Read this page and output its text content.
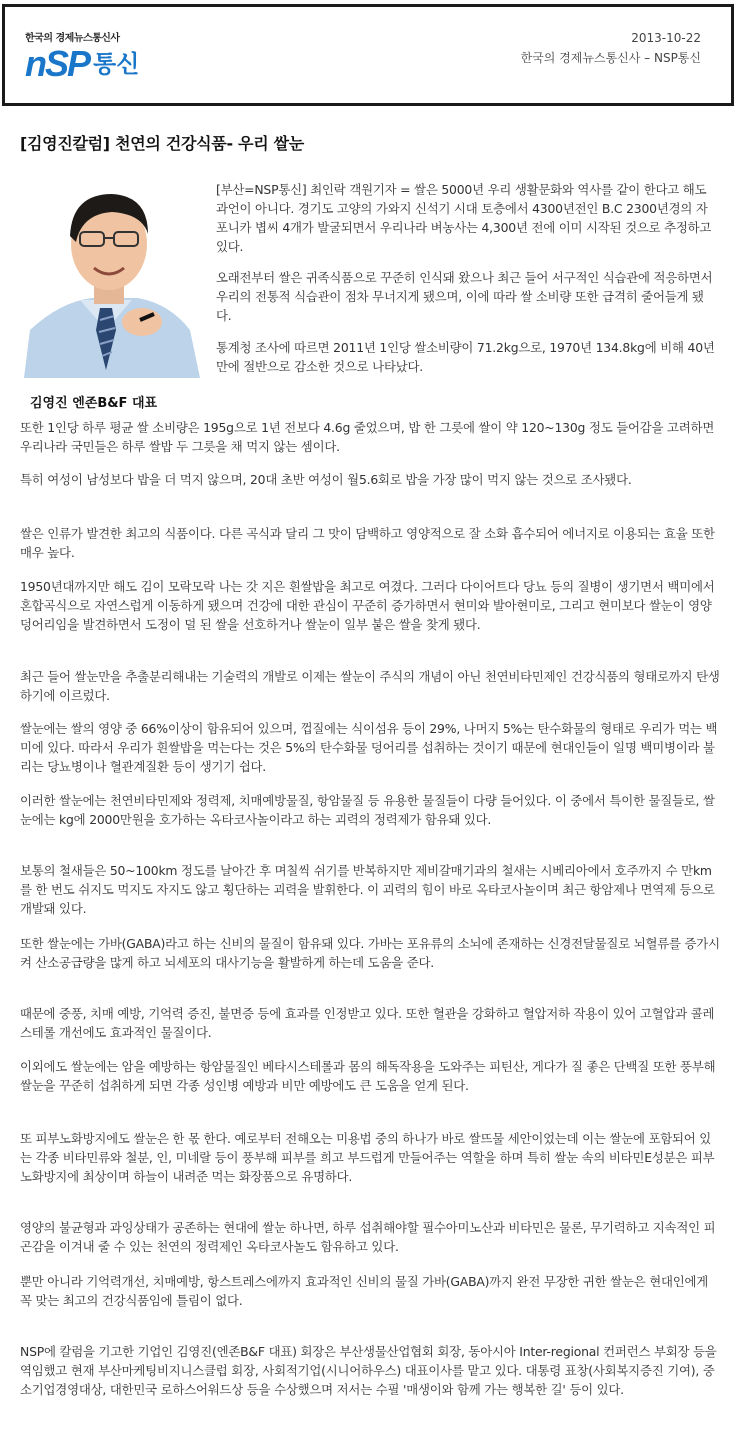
한국의 경제뉴스통신사
nSP 통신
2013-10-22
한국의 경제뉴스통신사 – NSP통신
[김영진칼럼] 천연의 건강식품- 우리 쌀눈
김영진 엔존B&F 대표

[부산=NSP통신] 최인락 객원기자 = 쌀은 5000년 우리 생활문화와 역사를 같이 한다고 해도 과언이 아니다. 경기도 고양의 가와지 신석기 시대 토층에서 4300년전인 B.C 2300년경의 자포니카 볍씨 4개가 발굴되면서 우리나라 벼농사는 4,300년 전에 이미 시작된 것으로 추정하고 있다.

오래전부터 쌀은 귀족식품으로 꾸준히 인식돼 왔으나 최근 들어 서구적인 식습관에 적응하면서 우리의 전통적 식습관이 점차 무너지게 됐으며, 이에 따라 쌀 소비량 또한 급격히 줄어들게 됐다.

통계청 조사에 따르면 2011년 1인당 쌀소비량이 71.2kg으로, 1970년 134.8kg에 비해 40년 만에 절반으로 감소한 것으로 나타났다.

또한 1인당 하루 평균 쌀 소비량은 195g으로 1년 전보다 4.6g 줄었으며, 밥 한 그릇에 쌀이 약 120~130g 정도 들어감을 고려하면 우리나라 국민들은 하루 쌀밥 두 그릇을 채 먹지 않는 셈이다.

특히 여성이 남성보다 밥을 더 먹지 않으며, 20대 초반 여성이 월5.6회로 밥을 가장 많이 먹지 않는 것으로 조사됐다.

쌀은 인류가 발견한 최고의 식품이다. 다른 곡식과 달리 그 맛이 담백하고 영양적으로 잘 소화 흡수되어 에너지로 이용되는 효율 또한 매우 높다.

1950년대까지만 해도 김이 모락모락 나는 갓 지은 흰쌀밥을 최고로 여겼다. 그러다 다이어트다 당뇨 등의 질병이 생기면서 백미에서 혼합곡식으로 자연스럽게 이동하게 됐으며 건강에 대한 관심이 꾸준히 증가하면서 현미와 발아현미로, 그리고 현미보다 쌀눈이 영양덩어리임을 발견하면서 도정이 덜 된 쌀을 선호하거나 쌀눈이 일부 붙은 쌀을 찾게 됐다.

최근 들어 쌀눈만을 추출분리해내는 기술력의 개발로 이제는 쌀눈이 주식의 개념이 아닌 천연비타민제인 건강식품의 형태로까지 탄생하기에 이르렀다.

쌀눈에는 쌀의 영양 중 66%이상이 함유되어 있으며, 껍질에는 식이섬유 등이 29%, 나머지 5%는 탄수화물의 형태로 우리가 먹는 백미에 있다. 따라서 우리가 흰쌀밥을 먹는다는 것은 5%의 탄수화물 덩어리를 섭취하는 것이기 때문에 현대인들이 일명 백미병이라 불리는 당뇨병이나 혈관계질환 등이 생기기 쉽다.

이러한 쌀눈에는 천연비타민제와 정력제, 치매예방물질, 항암물질 등 유용한 물질들이 다량 들어있다. 이 중에서 특이한 물질들로, 쌀눈에는 kg에 2000만원을 호가하는 옥타코사놀이라고 하는 괴력의 정력제가 함유돼 있다.

보통의 철새들은 50~100km 정도를 날아간 후 며칠씩 쉬기를 반복하지만 제비갈매기과의 철새는 시베리아에서 호주까지 수 만km를 한 번도 쉬지도 먹지도 자지도 않고 횡단하는 괴력을 발휘한다. 이 괴력의 힘이 바로 옥타코사놀이며 최근 항암제나 면역제 등으로 개발돼 있다.

또한 쌀눈에는 가바(GABA)라고 하는 신비의 물질이 함유돼 있다. 가바는 포유류의 소뇌에 존재하는 신경전달물질로 뇌혈류를 증가시켜 산소공급량을 많게 하고 뇌세포의 대사기능을 활발하게 하는데 도움을 준다.

때문에 중풍, 치매 예방, 기억력 증진, 불면증 등에 효과를 인정받고 있다. 또한 혈관을 강화하고 혈압저하 작용이 있어 고혈압과 콜레스테롤 개선에도 효과적인 물질이다.

이외에도 쌀눈에는 암을 예방하는 항암물질인 베타시스테롤과 몸의 해독작용을 도와주는 피틴산, 게다가 질 좋은 단백질 또한 풍부해 쌀눈을 꾸준히 섭취하게 되면 각종 성인병 예방과 비만 예방에도 큰 도움을 얻게 된다.

또 피부노화방지에도 쌀눈은 한 몫 한다. 예로부터 전해오는 미용법 중의 하나가 바로 쌀뜨물 세안이었는데 이는 쌀눈에 포함되어 있는 각종 비타민류와 철분, 인, 미네랄 등이 풍부해 피부를 희고 부드럽게 만들어주는 역할을 하며 특히 쌀눈 속의 비타민E성분은 피부노화방지에 최상이며 하늘이 내려준 먹는 화장품으로 유명하다.

영양의 불균형과 과잉상태가 공존하는 현대에 쌀눈 하나면, 하루 섭취해야할 필수아미노산과 비타민은 물론, 무기력하고 지속적인 피곤감을 이겨내 줄 수 있는 천연의 정력제인 옥타코사놀도 함유하고 있다.

뿐만 아니라 기억력개선, 치매예방, 항스트레스에까지 효과적인 신비의 물질 가바(GABA)까지 완전 무장한 귀한 쌀눈은 현대인에게 꼭 맞는 최고의 건강식품임에 틀림이 없다.

NSP에 칼럼을 기고한 기업인 김영진(엔존B&F 대표) 회장은 부산생물산업협회 회장, 동아시아 Inter-regional 컨퍼런스 부회장 등을 역임했고 현재 부산마케팅비지니스클럽 회장, 사회적기업(시니어하우스) 대표이사를 맡고 있다. 대통령 표창(사회복지증진 기여), 중소기업경영대상, 대한민국 로하스어워드상 등을 수상했으며 저서는 수필 '매생이와 함께 가는 행복한 길' 등이 있다.
